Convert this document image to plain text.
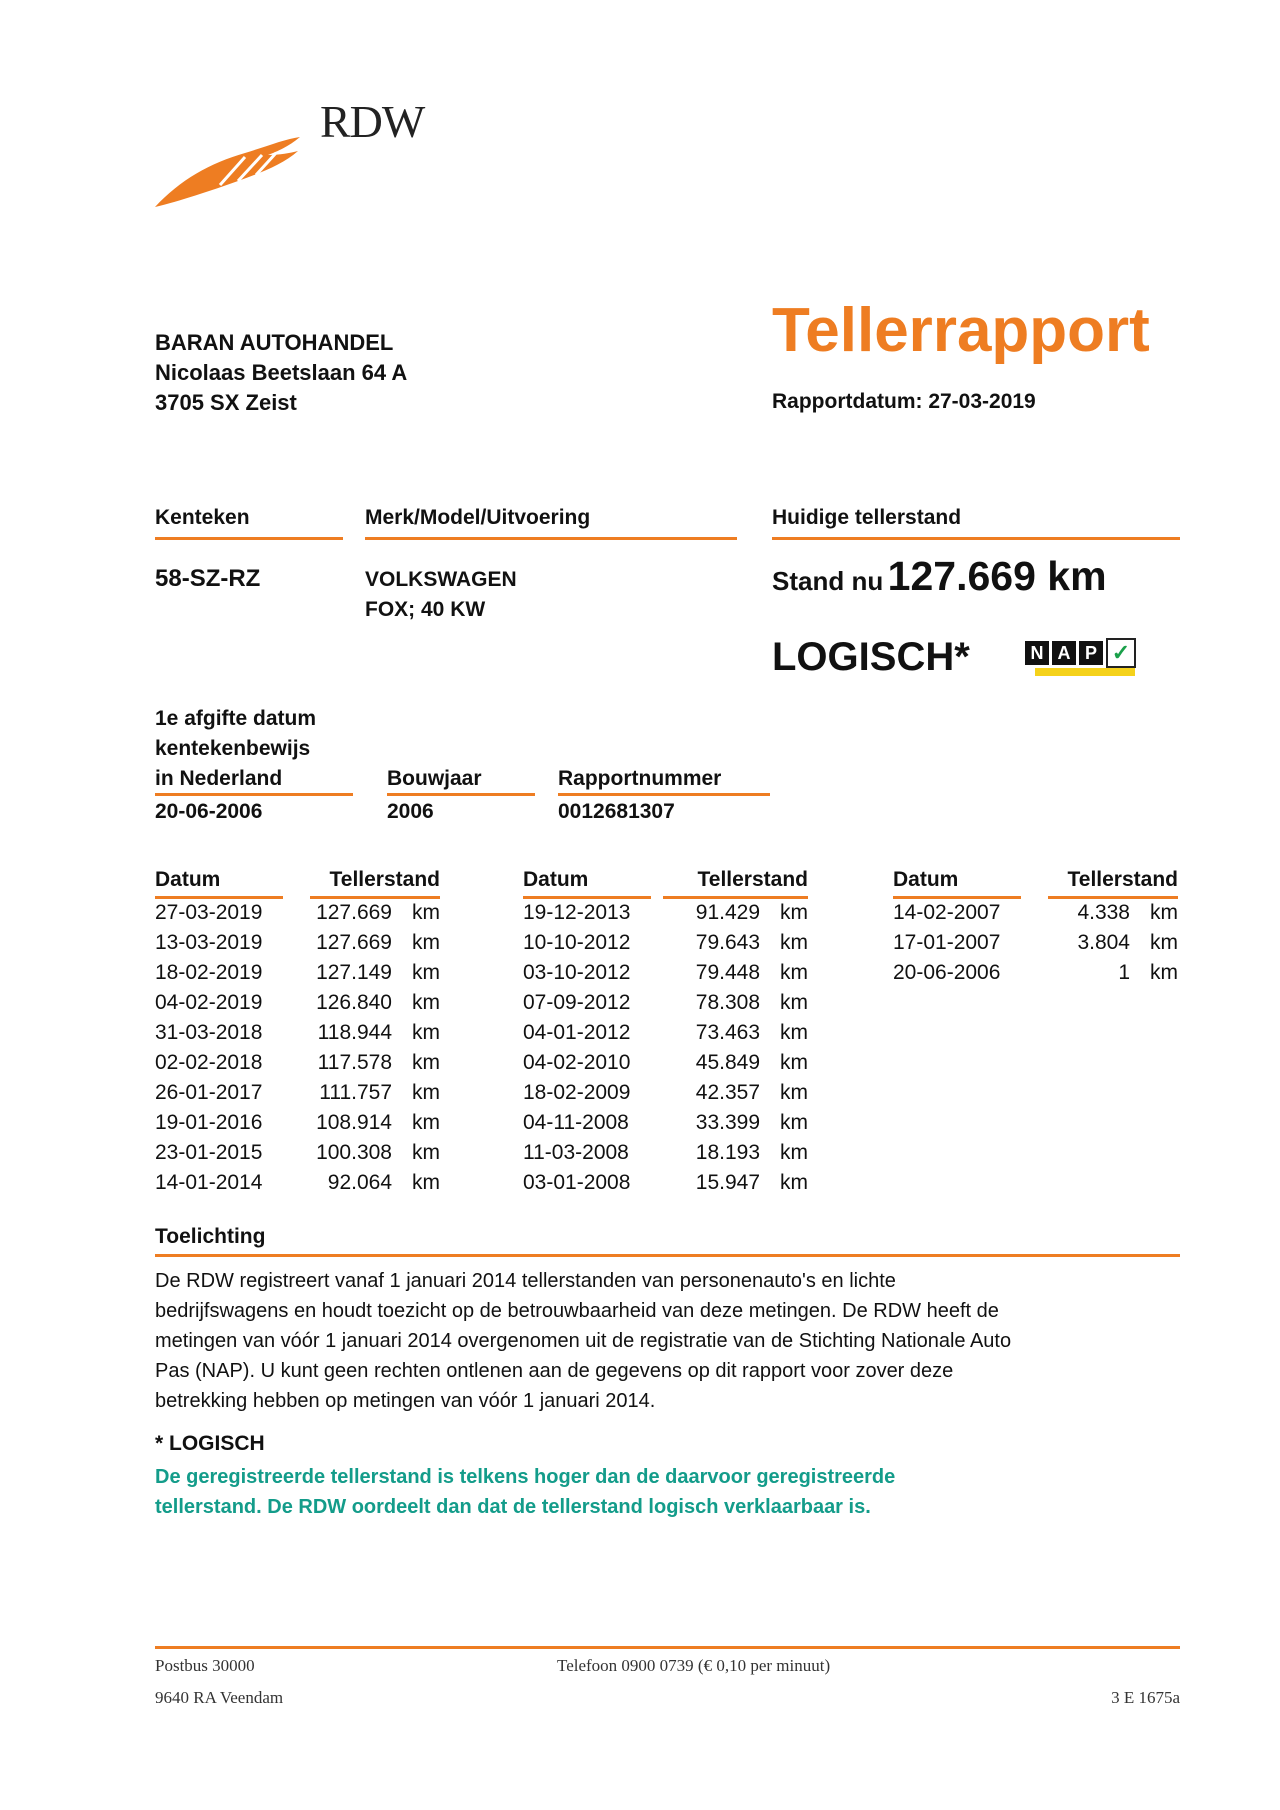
RDW
BARAN AUTOHANDEL
Nicolaas Beetslaan 64 A
3705 SX Zeist
Tellerrapport
Rapportdatum: 27-03-2019
Kenteken
58-SZ-RZ
Merk/Model/Uitvoering
VOLKSWAGEN
FOX; 40 KW
Huidige tellerstand
Stand nu 127.669 km
LOGISCH*	N A P ✓
1e afgifte datum
kentekenbewijs
in Nederland
20-06-2006
Bouwjaar
2006
Rapportnummer
0012681307
Datum	Tellerstand
27-03-2019	127.669 km
13-03-2019	127.669 km
18-02-2019	127.149 km
04-02-2019	126.840 km
31-03-2018	118.944 km
02-02-2018	117.578 km
26-01-2017	111.757 km
19-01-2016	108.914 km
23-01-2015	100.308 km
14-01-2014	92.064 km
Datum	Tellerstand
19-12-2013	91.429 km
10-10-2012	79.643 km
03-10-2012	79.448 km
07-09-2012	78.308 km
04-01-2012	73.463 km
04-02-2010	45.849 km
18-02-2009	42.357 km
04-11-2008	33.399 km
11-03-2008	18.193 km
03-01-2008	15.947 km
Datum	Tellerstand
14-02-2007	4.338 km
17-01-2007	3.804 km
20-06-2006	1 km
Toelichting
De RDW registreert vanaf 1 januari 2014 tellerstanden van personenauto's en lichte
bedrijfswagens en houdt toezicht op de betrouwbaarheid van deze metingen. De RDW heeft de
metingen van vóór 1 januari 2014 overgenomen uit de registratie van de Stichting Nationale Auto
Pas (NAP). U kunt geen rechten ontlenen aan de gegevens op dit rapport voor zover deze
betrekking hebben op metingen van vóór 1 januari 2014.
* LOGISCH
De geregistreerde tellerstand is telkens hoger dan de daarvoor geregistreerde
tellerstand. De RDW oordeelt dan dat de tellerstand logisch verklaarbaar is.
Postbus 30000
9640 RA Veendam
Telefoon 0900 0739 (€ 0,10 per minuut)
3 E 1675a
